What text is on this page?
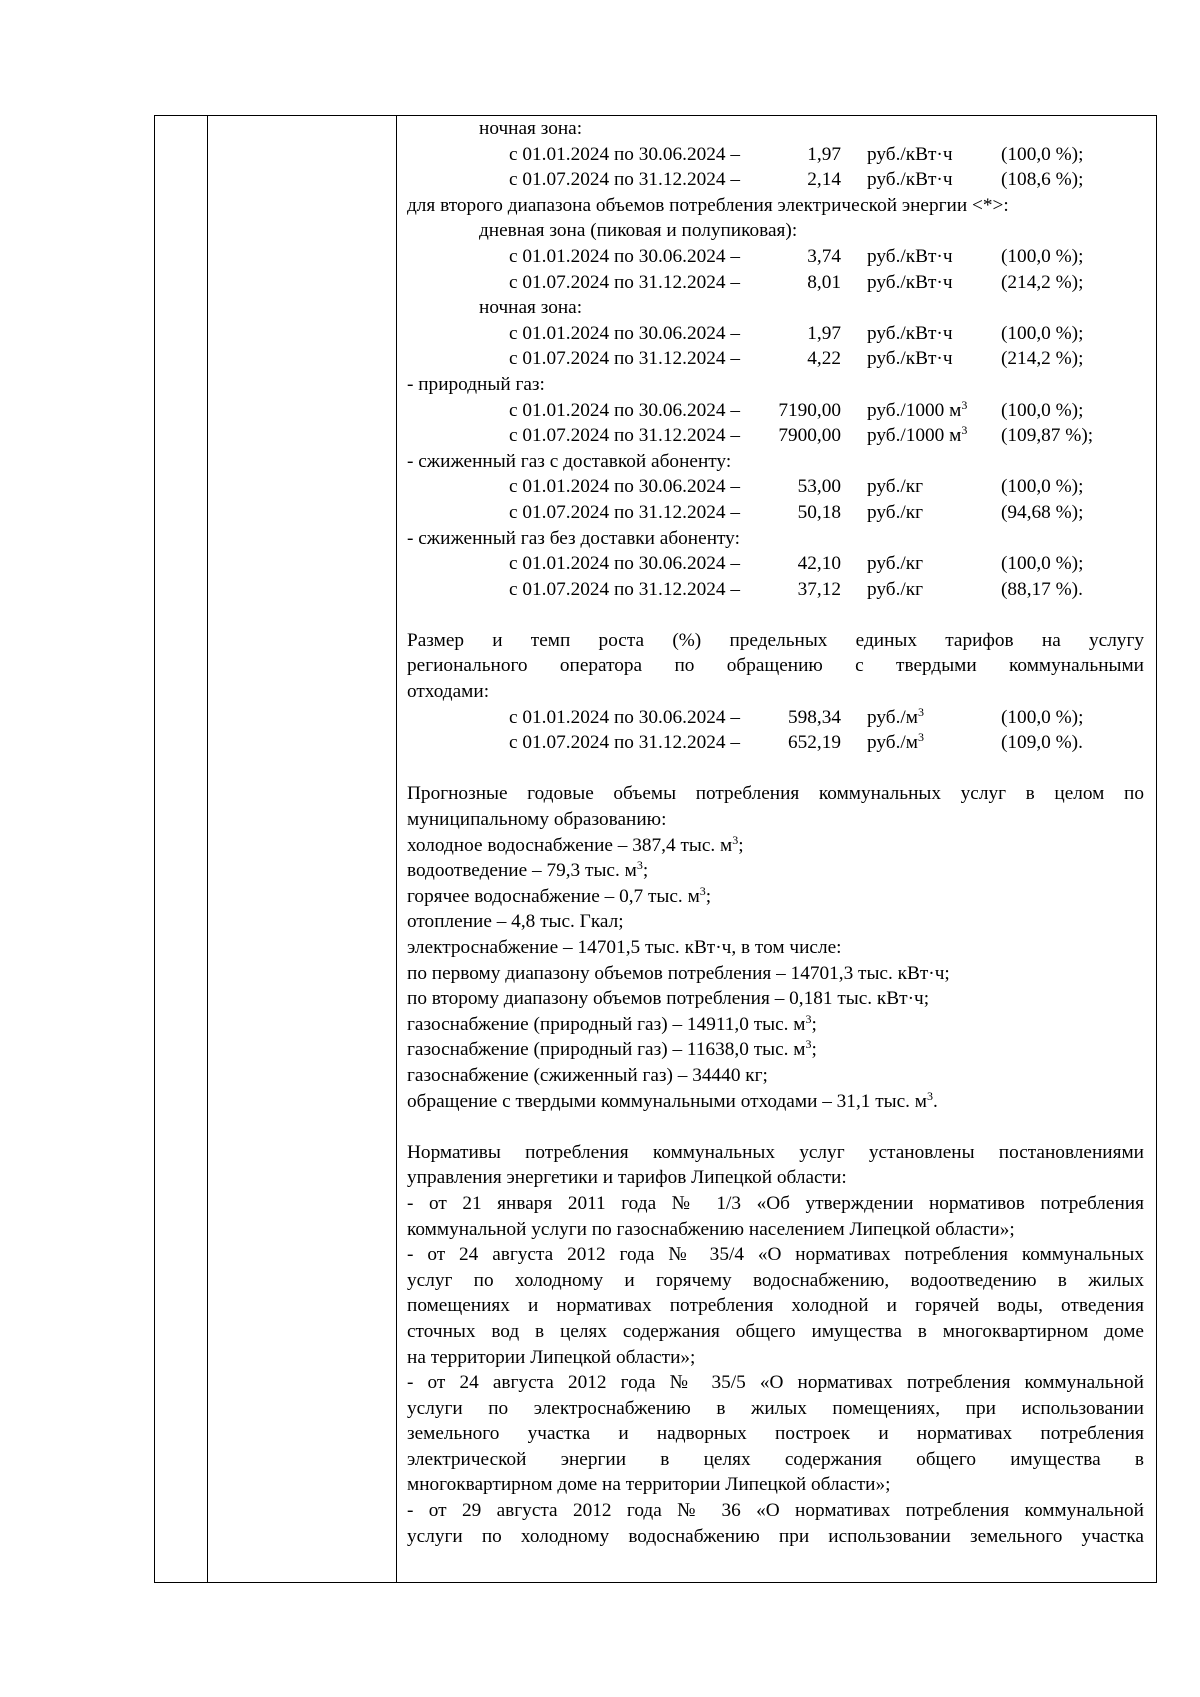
ночная зона:
с 01.01.2024 по 30.06.2024 –	1,97 руб./кВт·ч	(100,0 %);
с 01.07.2024 по 31.12.2024 –	2,14 руб./кВт·ч	(108,6 %);
для второго диапазона объемов потребления электрической энергии <*>:
дневная зона (пиковая и полупиковая):
с 01.01.2024 по 30.06.2024 –	3,74 руб./кВт·ч	(100,0 %);
с 01.07.2024 по 31.12.2024 –	8,01 руб./кВт·ч	(214,2 %);
ночная зона:
с 01.01.2024 по 30.06.2024 –	1,97 руб./кВт·ч	(100,0 %);
с 01.07.2024 по 31.12.2024 –	4,22 руб./кВт·ч	(214,2 %);
- природный газ:
с 01.01.2024 по 30.06.2024 –	7190,00 руб./1000 $м^3$ (100,0 %);
с 01.07.2024 по 31.12.2024 –	7900,00 руб./1000 $м^3$ (109,87 %);
- сжиженный газ с доставкой абоненту:
с 01.01.2024 по 30.06.2024 –	53,00 руб./кг	(100,0 %);
с 01.07.2024 по 31.12.2024 –	50,18 руб./кг	(94,68 %);
- сжиженный газ без доставки абоненту:
с 01.01.2024 по 30.06.2024 –	42,10 руб./кг	(100,0 %);
с 01.07.2024 по 31.12.2024 –	37,12 руб./кг	(88,17 %).
Размер и темп роста (%) предельных единых тарифов на услугу
регионального оператора по обращению с твердыми коммунальными
отходами:
с 01.01.2024 по 30.06.2024 –	598,34 $руб./м^3$	(100,0 %);
с 01.07.2024 по 31.12.2024 –	652,19 $руб./м^3$	(109,0 %).
Прогнозные годовые объемы потребления коммунальных услуг в целом по
муниципальному образованию:
холодное водоснабжение – 387,4 тыс. $м^3$;
водоотведение – 79,3 тыс. $м^3$;
горячее водоснабжение – 0,7 тыс. $м^3$;
отопление – 4,8 тыс. Гкал;
электроснабжение – 14701,5 тыс. кВт·ч, в том числе:
по первому диапазону объемов потребления – 14701,3 тыс. кВт·ч;
по второму диапазону объемов потребления – 0,181 тыс. кВт·ч;
газоснабжение (природный газ) – 14911,0 тыс. $м^3$;
газоснабжение (природный газ) – 11638,0 тыс. $м^3$;
газоснабжение (сжиженный газ) – 34440 кг;
обращение с твердыми коммунальными отходами – 31,1 тыс. $м^3$.
Нормативы потребления коммунальных услуг установлены постановлениями
управления энергетики и тарифов Липецкой области:
- от 21 января 2011 года № 1/3 «Об утверждении нормативов потребления
коммунальной услуги по газоснабжению населением Липецкой области»;
- от 24 августа 2012 года № 35/4 «О нормативах потребления коммунальных
услуг по холодному и горячему водоснабжению, водоотведению в жилых
помещениях и нормативах потребления холодной и горячей воды, отведения
сточных вод в целях содержания общего имущества в многоквартирном доме
на территории Липецкой области»;
- от 24 августа 2012 года № 35/5 «О нормативах потребления коммунальной
услуги по электроснабжению в жилых помещениях, при использовании
земельного участка и надворных построек и нормативах потребления
электрической энергии в целях содержания общего имущества в
многоквартирном доме на территории Липецкой области»;
- от 29 августа 2012 года № 36 «О нормативах потребления коммунальной
услуги по холодному водоснабжению при использовании земельного участка
